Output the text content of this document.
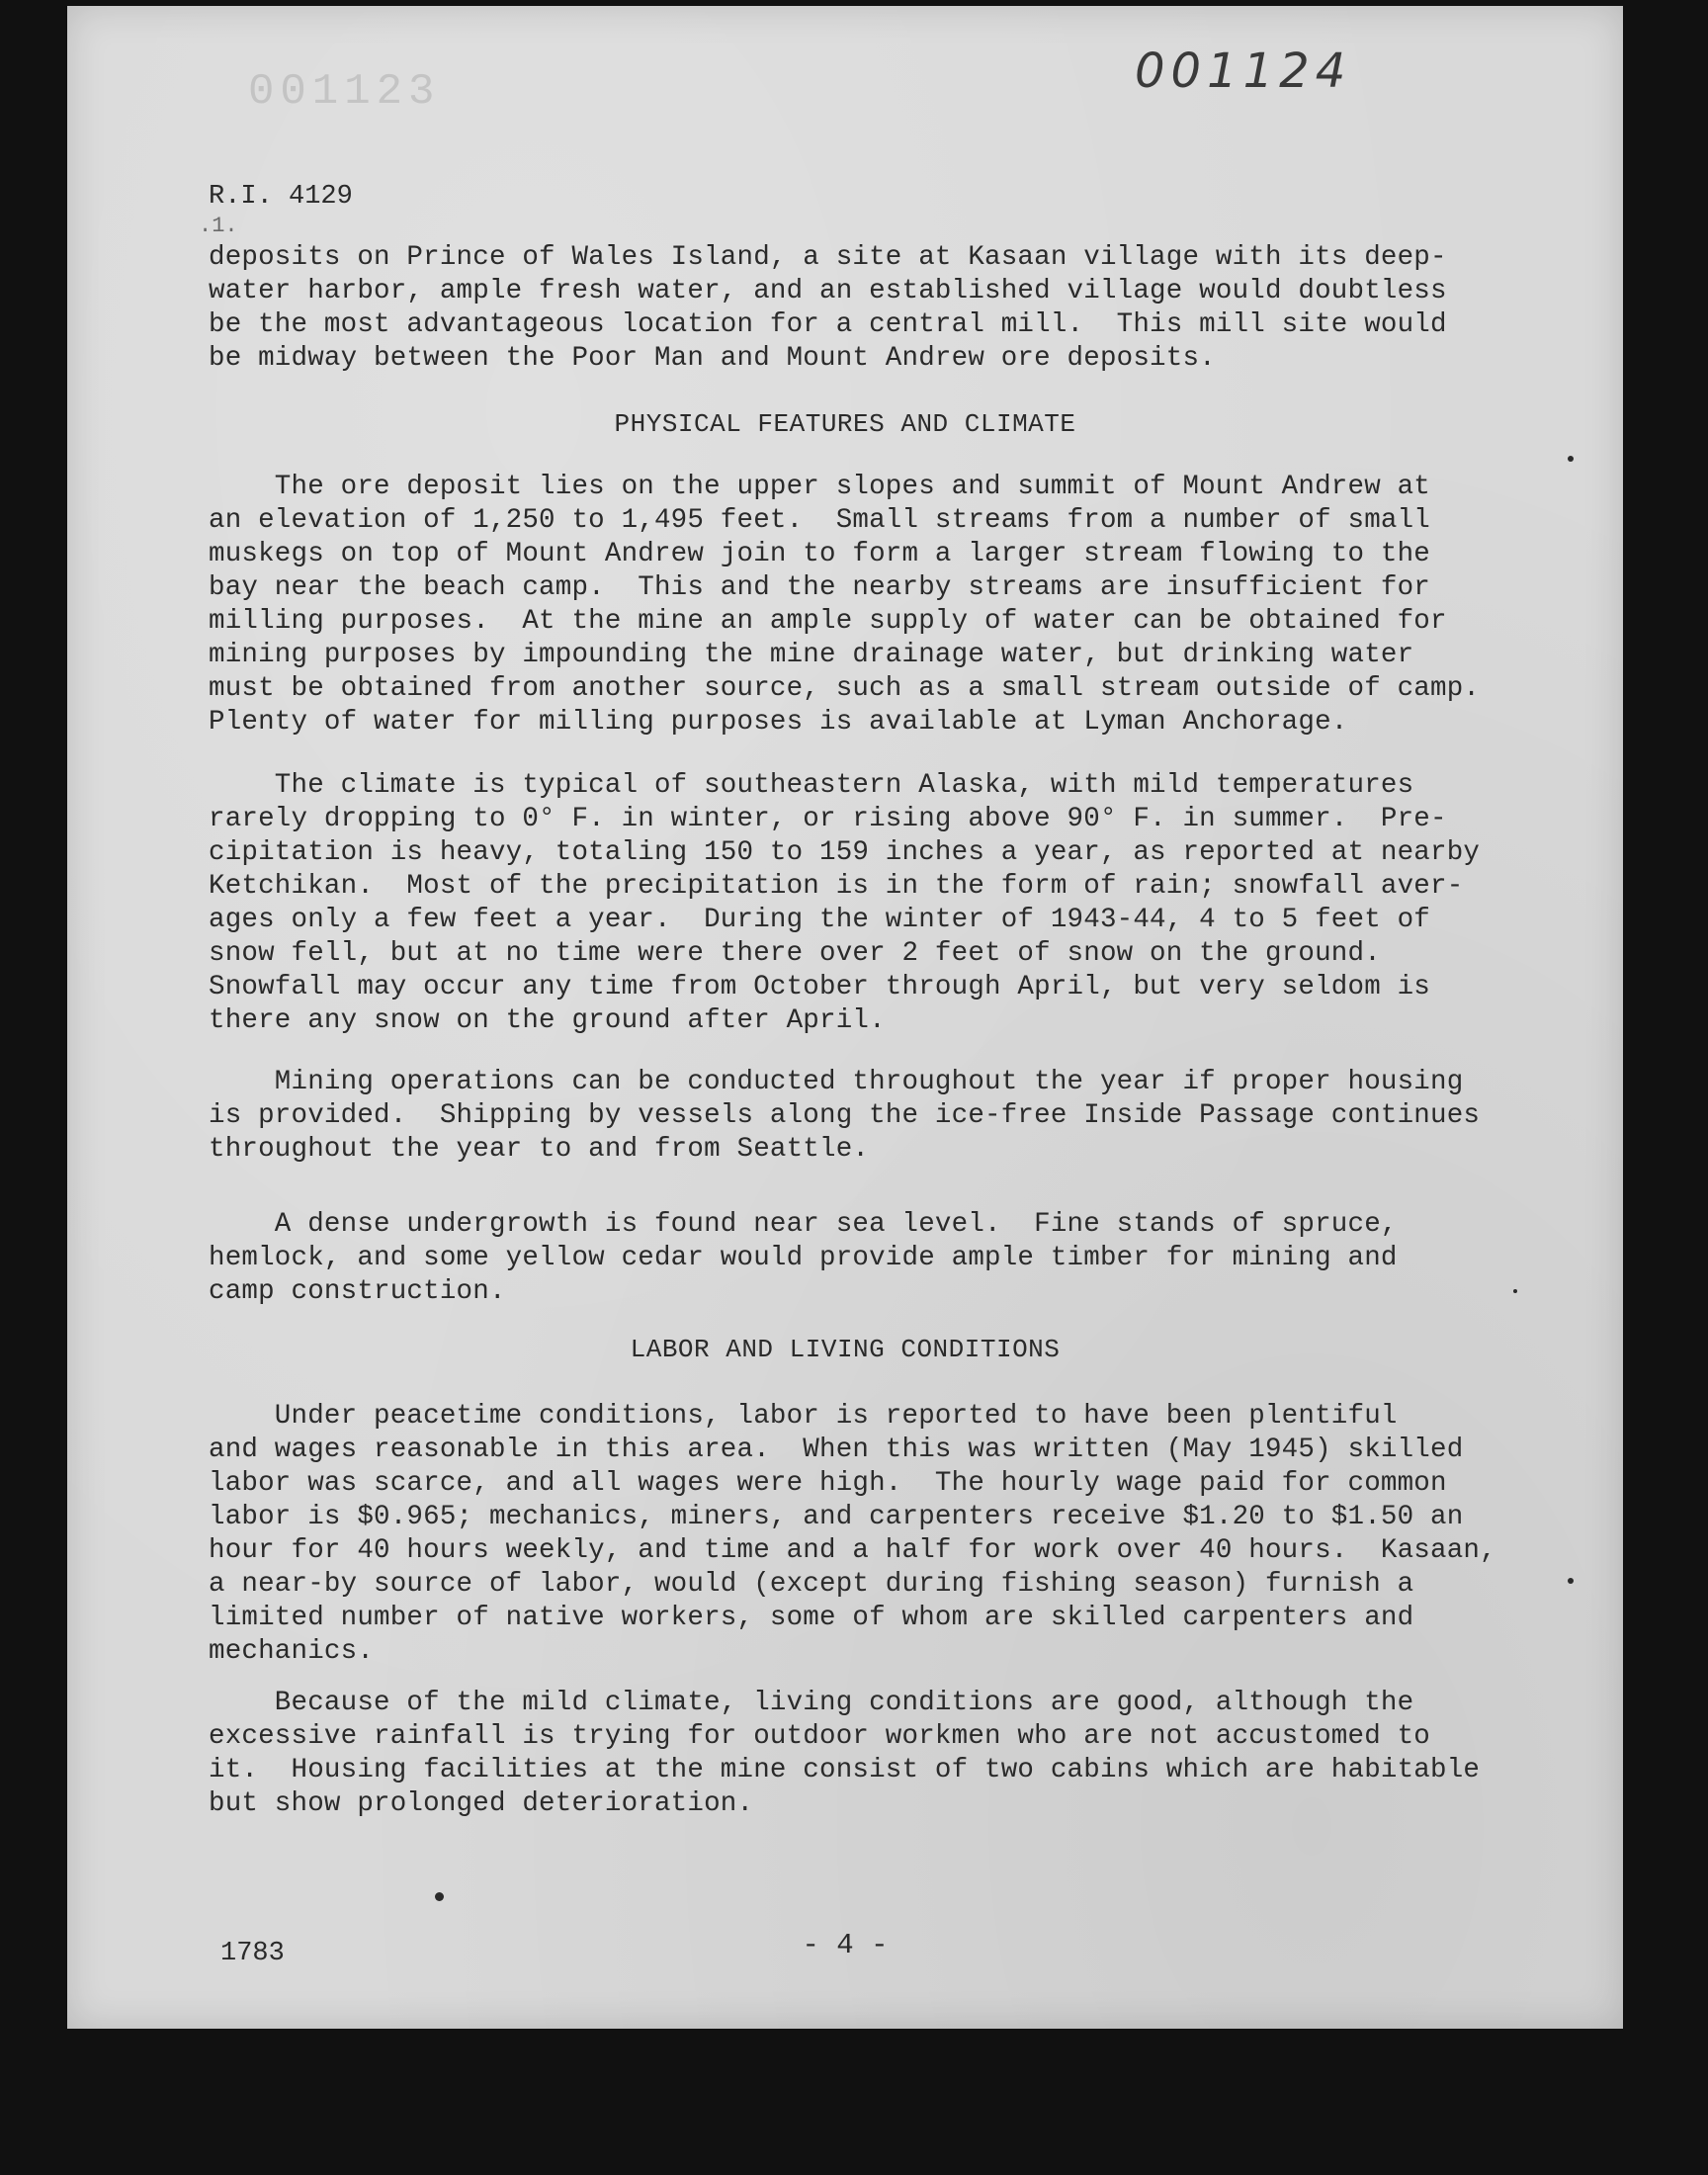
001123	001124
R.I. 4129
.1.
deposits on Prince of Wales Island, a site at Kasaan village with its deep-
water harbor, ample fresh water, and an established village would doubtless
be the most advantageous location for a central mill.  This mill site would
be midway between the Poor Man and Mount Andrew ore deposits.
PHYSICAL FEATURES AND CLIMATE
The ore deposit lies on the upper slopes and summit of Mount Andrew at
an elevation of 1,250 to 1,495 feet.  Small streams from a number of small
muskegs on top of Mount Andrew join to form a larger stream flowing to the
bay near the beach camp.  This and the nearby streams are insufficient for
milling purposes.  At the mine an ample supply of water can be obtained for
mining purposes by impounding the mine drainage water, but drinking water
must be obtained from another source, such as a small stream outside of camp.
Plenty of water for milling purposes is available at Lyman Anchorage.
The climate is typical of southeastern Alaska, with mild temperatures
rarely dropping to 0° F. in winter, or rising above 90° F. in summer.  Pre-
cipitation is heavy, totaling 150 to 159 inches a year, as reported at nearby
Ketchikan.  Most of the precipitation is in the form of rain; snowfall aver-
ages only a few feet a year.  During the winter of 1943-44, 4 to 5 feet of
snow fell, but at no time were there over 2 feet of snow on the ground.
Snowfall may occur any time from October through April, but very seldom is
there any snow on the ground after April.
Mining operations can be conducted throughout the year if proper housing
is provided.  Shipping by vessels along the ice-free Inside Passage continues
throughout the year to and from Seattle.
A dense undergrowth is found near sea level.  Fine stands of spruce,
hemlock, and some yellow cedar would provide ample timber for mining and
camp construction.
LABOR AND LIVING CONDITIONS
Under peacetime conditions, labor is reported to have been plentiful
and wages reasonable in this area.  When this was written (May 1945) skilled
labor was scarce, and all wages were high.  The hourly wage paid for common
labor is $0.965; mechanics, miners, and carpenters receive $1.20 to $1.50 an
hour for 40 hours weekly, and time and a half for work over 40 hours.  Kasaan,
a near-by source of labor, would (except during fishing season) furnish a
limited number of native workers, some of whom are skilled carpenters and
mechanics.
Because of the mild climate, living conditions are good, although the
excessive rainfall is trying for outdoor workmen who are not accustomed to
it.  Housing facilities at the mine consist of two cabins which are habitable
but show prolonged deterioration.
1783	- 4 -
